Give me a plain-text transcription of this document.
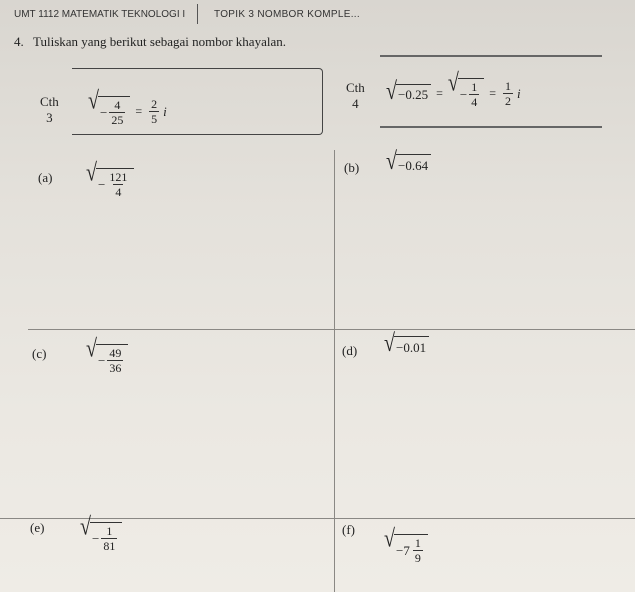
UMT 1112 MATEMATIK TEKNOLOGI I	TOPIK 3 NOMBOR KOMPLE...
4. Tuliskan yang berikut sebagai nombor khayalan.
Cth
3
√ − $\frac{4}{25} = \frac{2}{5}$ i
Cth
4	√ −0.25 = √ − $\frac{1}{4} = \frac{1}{2}$ i
(a) √ − $\frac{121}{4}$
(b) √ −0.64
(c) √ − $\frac{49}{36}$	(d) √ −0.01
(e) √ − $\frac{1}{81}$	(f) √ − $7 \frac{1}{9}$
